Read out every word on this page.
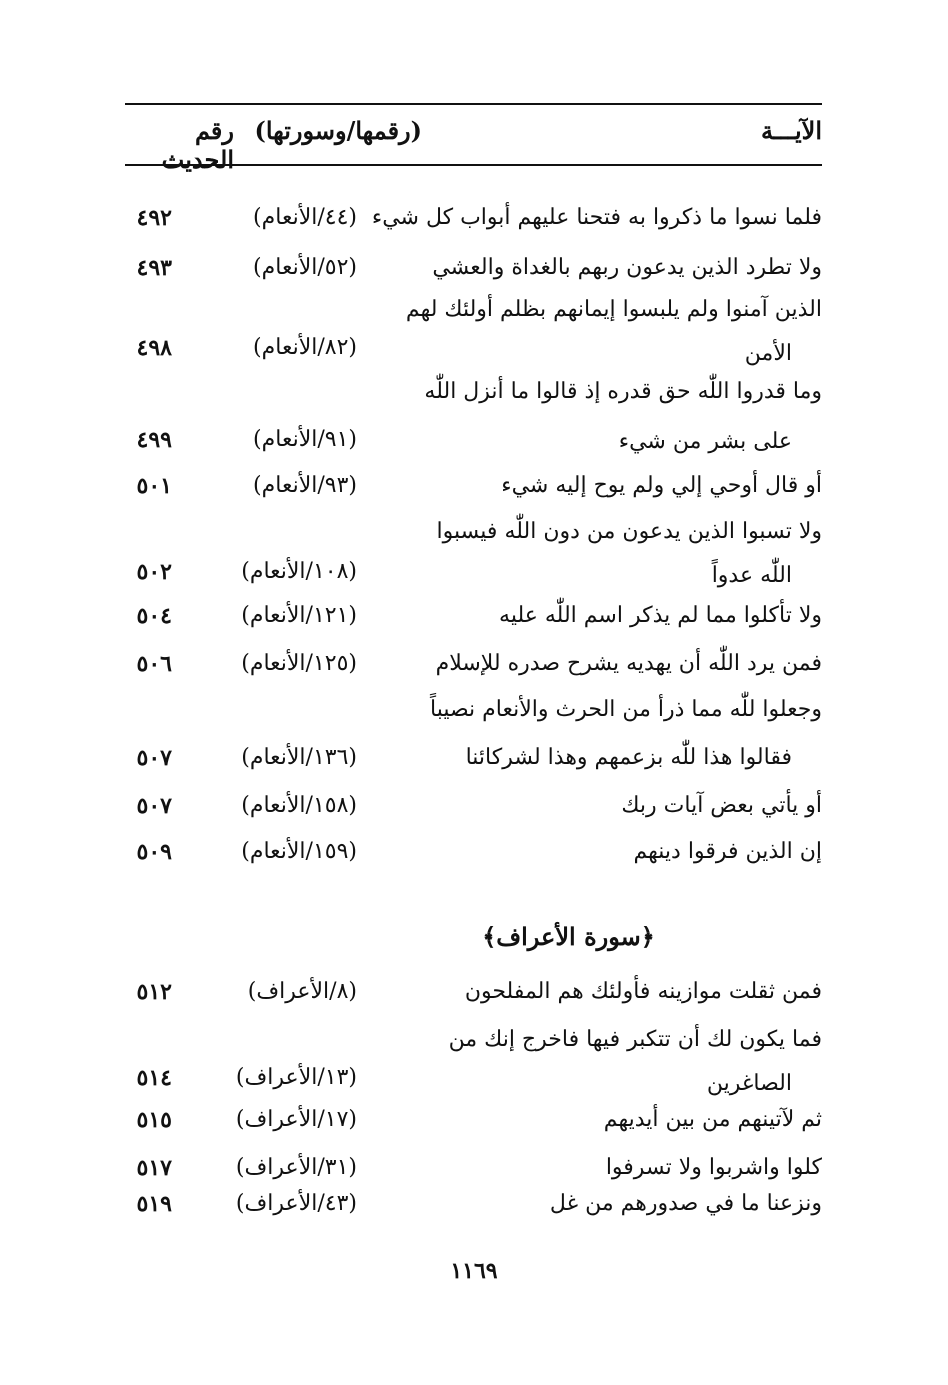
الآيـــة
(رقمها/وسورتها)
رقم الحديث
فلما نسوا ما ذكروا به فتحنا عليهم أبواب كل شيء
(٤٤/الأنعام)
٤٩٢
ولا تطرد الذين يدعون ربهم بالغداة والعشي
(٥٢/الأنعام)
٤٩٣
الذين آمنوا ولم يلبسوا إيمانهم بظلم أولئك لهم
الأمن
(٨٢/الأنعام)
٤٩٨
وما قدروا اللّٰه حق قدره إذ قالوا ما أنزل اللّٰه
على بشر من شيء
(٩١/الأنعام)
٤٩٩
أو قال أوحي إلي ولم يوح إليه شيء
(٩٣/الأنعام)
٥٠١
ولا تسبوا الذين يدعون من دون اللّٰه فيسبوا
اللّٰه عدواً
(١٠٨/الأنعام)
٥٠٢
ولا تأكلوا مما لم يذكر اسم اللّٰه عليه
(١٢١/الأنعام)
٥٠٤
فمن يرد اللّٰه أن يهديه يشرح صدره للإسلام
(١٢٥/الأنعام)
٥٠٦
وجعلوا للّٰه مما ذرأ من الحرث والأنعام نصيباً
فقالوا هذا للّٰه بزعمهم وهذا لشركائنا
(١٣٦/الأنعام)
٥٠٧
أو يأتي بعض آيات ربك
(١٥٨/الأنعام)
٥٠٧
إن الذين فرقوا دينهم
(١٥٩/الأنعام)
٥٠٩
﴿سورة الأعراف﴾
فمن ثقلت موازينه فأولئك هم المفلحون
(٨/الأعراف)
٥١٢
فما يكون لك أن تتكبر فيها فاخرج إنك من
الصاغرين
(١٣/الأعراف)
٥١٤
ثم لآتينهم من بين أيديهم
(١٧/الأعراف)
٥١٥
كلوا واشربوا ولا تسرفوا
(٣١/الأعراف)
٥١٧
ونزعنا ما في صدورهم من غل
(٤٣/الأعراف)
٥١٩
١١٦٩
